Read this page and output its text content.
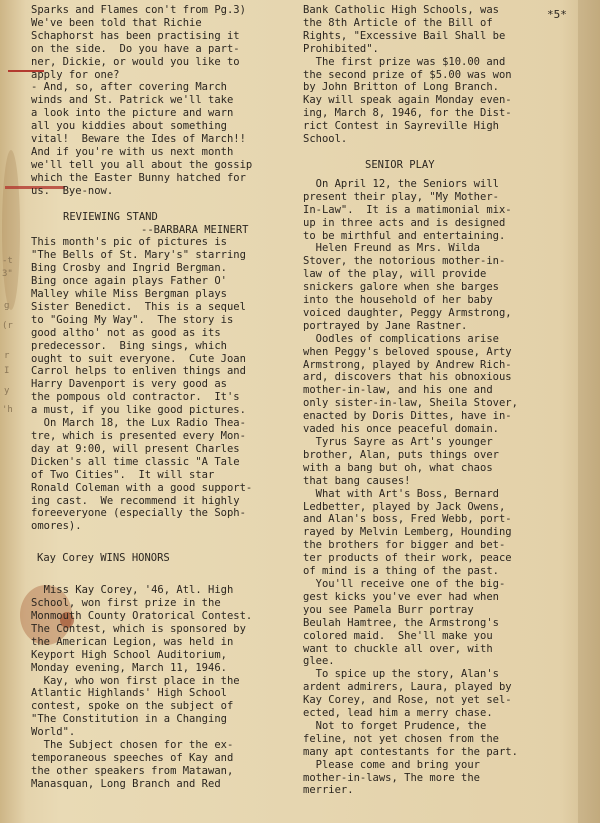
-t
3"
g
(r
r
I
y
'h
*5*

Sparks and Flames con't from Pg.3)

We've been told that Richie

Schaphorst has been practising it

on the side.  Do you have a part-

ner, Dickie, or would you like to

apply for one?

- And, so, after covering March

winds and St. Patrick we'll take

a look into the picture and warn

all you kiddies about something

vital!  Beware the Ides of March!!

And if you're with us next month

we'll tell you all about the gossip

which the Easter Bunny hatched for

us.  Bye-now.

REVIEWING STAND

--BARBARA MEINERT

This month's pic of pictures is

"The Bells of St. Mary's" starring

Bing Crosby and Ingrid Bergman.

Bing once again plays Father O'

Malley while Miss Bergman plays

Sister Benedict.  This is a sequel

to "Going My Way".  The story is

good altho' not as good as its

predecessor.  Bing sings, which

ought to suit everyone.  Cute Joan

Carrol helps to enliven things and

Harry Davenport is very good as

the pompous old contractor.  It's

a must, if you like good pictures.

On March 18, the Lux Radio Thea-

tre, which is presented every Mon-

day at 9:00, will present Charles

Dicken's all time classic "A Tale

of Two Cities".  It will star

Ronald Coleman with a good support-

ing cast.  We recommend it highly

foreeveryone (especially the Soph-

omores).

Kay Corey WINS HONORS

Miss Kay Corey, '46, Atl. High

School, won first prize in the

Monmouth County Oratorical Contest.

The Contest, which is sponsored by

the American Legion, was held in

Keyport High School Auditorium,

Monday evening, March 11, 1946.

Kay, who won first place in the

Atlantic Highlands' High School

contest, spoke on the subject of

"The Constitution in a Changing

World".

The Subject chosen for the ex-

temporaneous speeches of Kay and

the other speakers from Matawan,

Manasquan, Long Branch and Red

Bank Catholic High Schools, was

the 8th Article of the Bill of

Rights, "Excessive Bail Shall be

Prohibited".

The first prize was $10.00 and

the second prize of $5.00 was won

by John Britton of Long Branch.

Kay will speak again Monday even-

ing, March 8, 1946, for the Dist-

rict Contest in Sayreville High

School.

SENIOR PLAY

On April 12, the Seniors will

present their play, "My Mother-

In-Law".  It is a matimonial mix-

up in three acts and is designed

to be mirthful and entertaining.

Helen Freund as Mrs. Wilda

Stover, the notorious mother-in-

law of the play, will provide

snickers galore when she barges

into the household of her baby

voiced daughter, Peggy Armstrong,

portrayed by Jane Rastner.

Oodles of complications arise

when Peggy's beloved spouse, Arty

Armstrong, played by Andrew Rich-

ard, discovers that his obnoxious

mother-in-law, and his one and

only sister-in-law, Sheila Stover,

enacted by Doris Dittes, have in-

vaded his once peaceful domain.

Tyrus Sayre as Art's younger

brother, Alan, puts things over

with a bang but oh, what chaos

that bang causes!

What with Art's Boss, Bernard

Ledbetter, played by Jack Owens,

and Alan's boss, Fred Webb, port-

rayed by Melvin Lemberg, Hounding

the brothers for bigger and bet-

ter products of their work, peace

of mind is a thing of the past.

You'll receive one of the big-

gest kicks you've ever had when

you see Pamela Burr portray

Beulah Hamtree, the Armstrong's

colored maid.  She'll make you

want to chuckle all over, with

glee.

To spice up the story, Alan's

ardent admirers, Laura, played by

Kay Corey, and Rose, not yet sel-

ected, lead him a merry chase.

Not to forget Prudence, the

feline, not yet chosen from the

many apt contestants for the part.

Please come and bring your

mother-in-laws, The more the

merrier.
